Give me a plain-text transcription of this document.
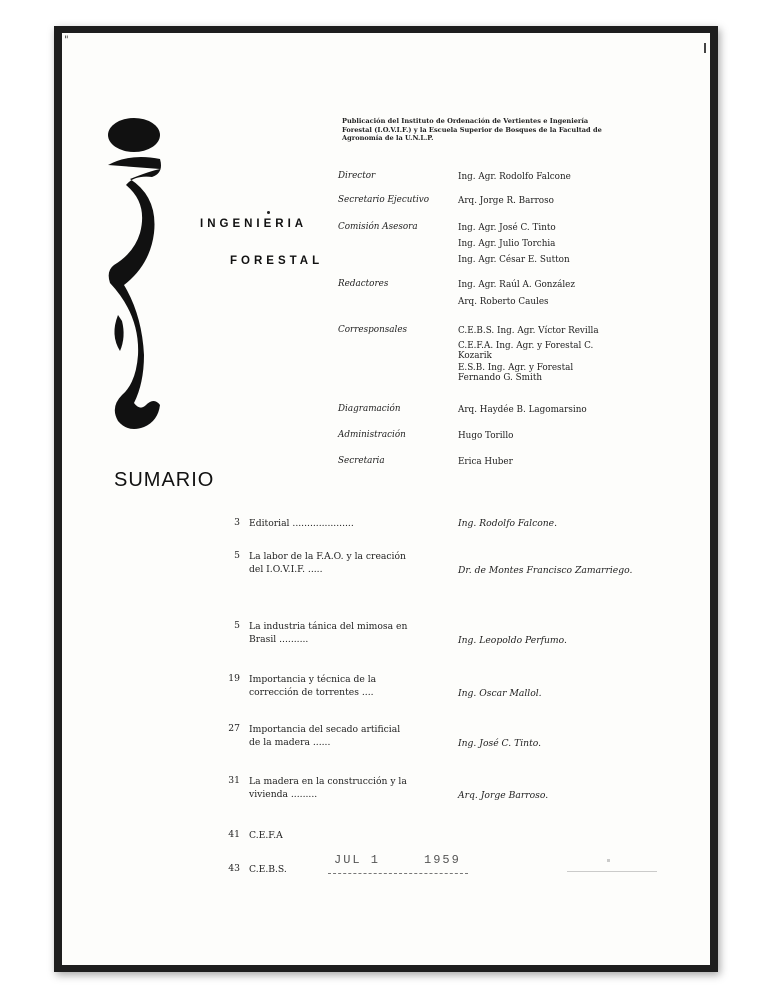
"
INGENIERIA
FORESTAL
Publicación del Instituto de Ordenación de Vertientes e Ingeniería Forestal (I.O.V.I.F.) y la Escuela Superior de Bosques de la Facultad de Agronomía de la U.N.L.P.
Director	Ing. Agr. Rodolfo Falcone
Secretario Ejecutivo	Arq. Jorge R. Barroso
Comisión Asesora	Ing. Agr. José C. Tinto
Ing. Agr. Julio Torchia
Ing. Agr. César E. Sutton
Redactores	Ing. Agr. Raúl A. González
Arq. Roberto Caules
Corresponsales	C.E.B.S. Ing. Agr. Víctor Revilla
C.E.F.A. Ing. Agr. y Forestal C. Kozarik
E.S.B. Ing. Agr. y Forestal Fernando G. Smith
Diagramación	Arq. Haydée B. Lagomarsino
Administración	Hugo Torillo
Secretaria	Erica Huber
SUMARIO
3 Editorial .....................	Ing. Rodolfo Falcone.
5 La labor de la F.A.O. y la creación del I.O.V.I.F. .....	Dr. de Montes Francisco Zamarriego.
5 La industria tánica del mimosa en Brasil ..........	Ing. Leopoldo Perfumo.
19 Importancia y técnica de la corrección de torrentes ....	Ing. Oscar Mallol.
27 Importancia del secado artificial de la madera ......	Ing. José C. Tinto.
31 La madera en la construcción y la vivienda .........	Arq. Jorge Barroso.
41 C.E.F.A
43 C.E.B.S.
JUL 1	1959
